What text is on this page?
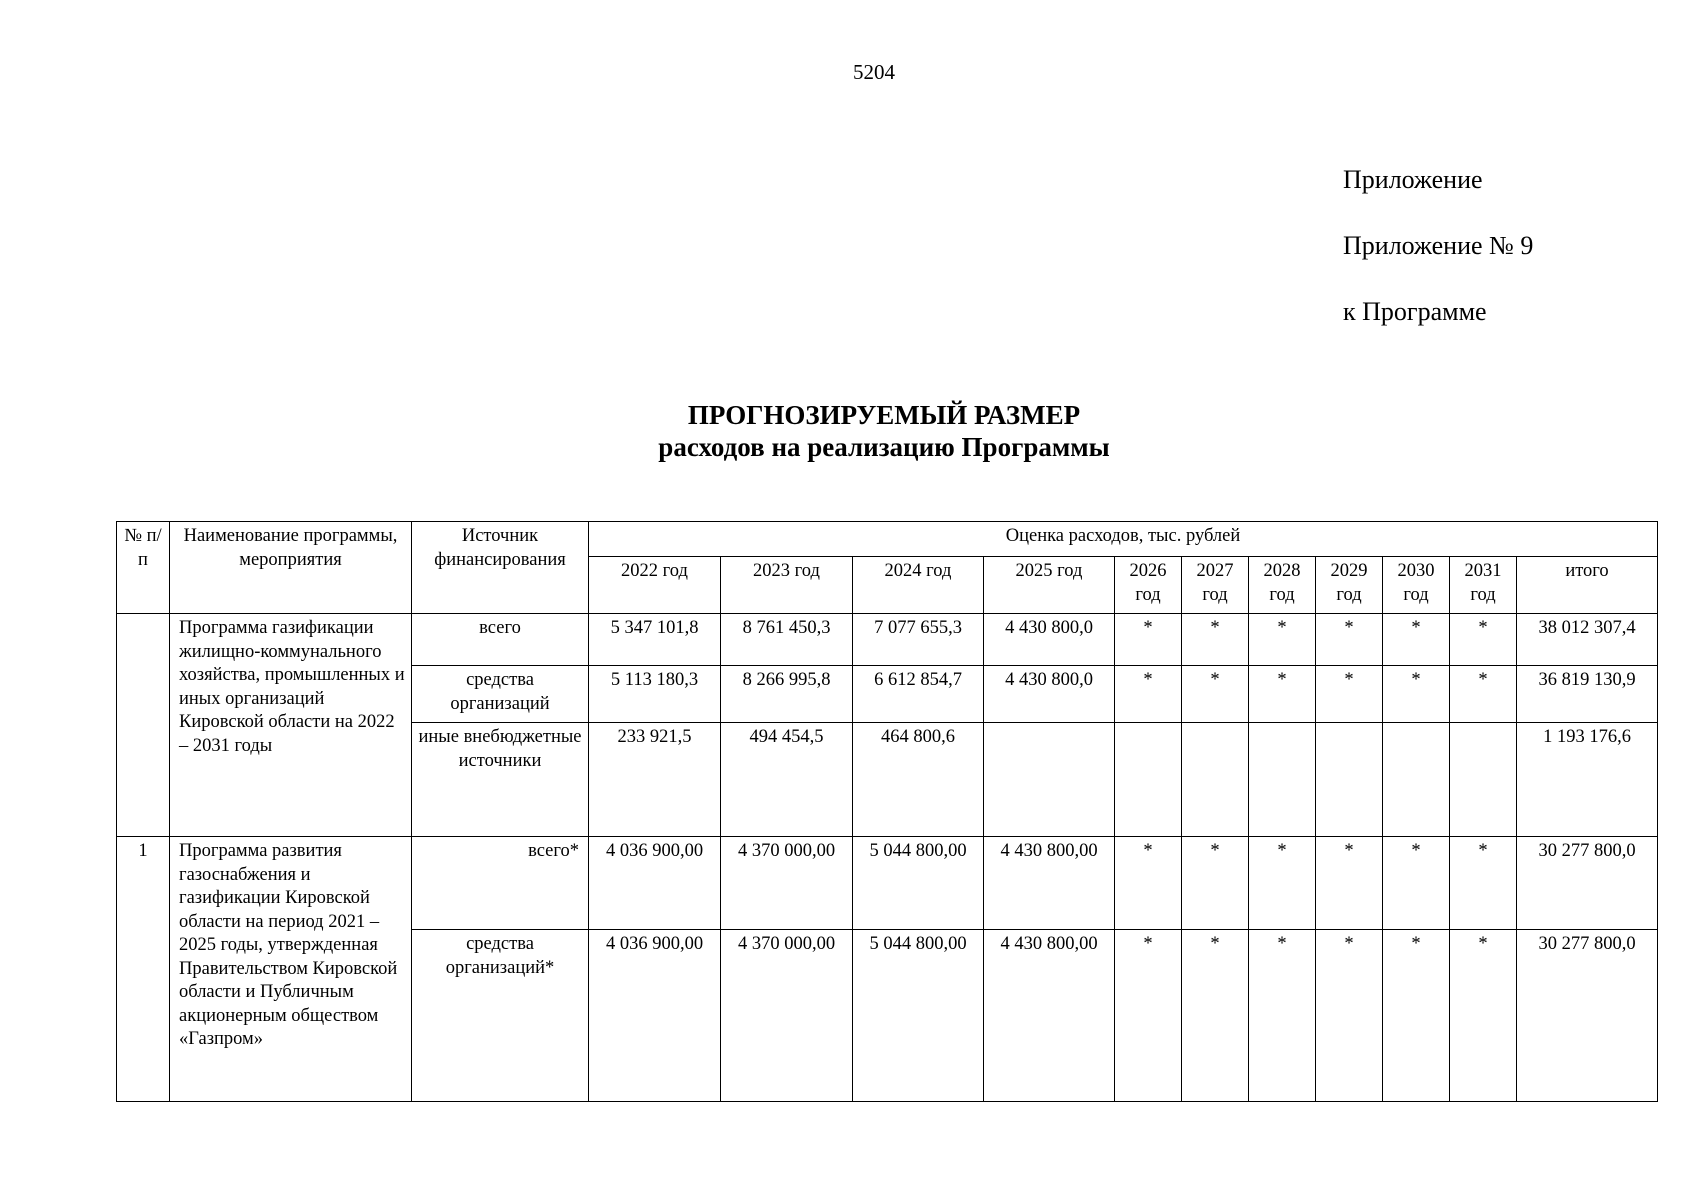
5204
Приложение
Приложение № 9
к Программе
ПРОГНОЗИРУЕМЫЙ РАЗМЕР
расходов на реализацию Программы
№ п/п	Наименование программы, мероприятия	Источник финансирования	Оценка расходов, тыс. рублей										
			2022 год	2023 год	2024 год	2025 год	2026 год	2027 год	2028 год	2029 год	2030 год	2031 год	итого
	Программа газификации жилищно-коммунального хозяйства, промышленных и иных организаций Кировской области на 2022 – 2031 годы	всего	5 347 101,8	8 761 450,3	7 077 655,3	4 430 800,0	*	*	*	*	*	*	38 012 307,4
		средства организаций	5 113 180,3	8 266 995,8	6 612 854,7	4 430 800,0	*	*	*	*	*	*	36 819 130,9
		иные внебюджетные источники	233 921,5	494 454,5	464 800,6								1 193 176,6
1	Программа развития газоснабжения и газификации Кировской области на период 2021 – 2025 годы, утвержденная Правительством Кировской области и Публичным акционерным обществом «Газпром»	всего*	4 036 900,00	4 370 000,00	5 044 800,00	4 430 800,00	*	*	*	*	*	*	30 277 800,0
		средства организаций*	4 036 900,00	4 370 000,00	5 044 800,00	4 430 800,00	*	*	*	*	*	*	30 277 800,0
